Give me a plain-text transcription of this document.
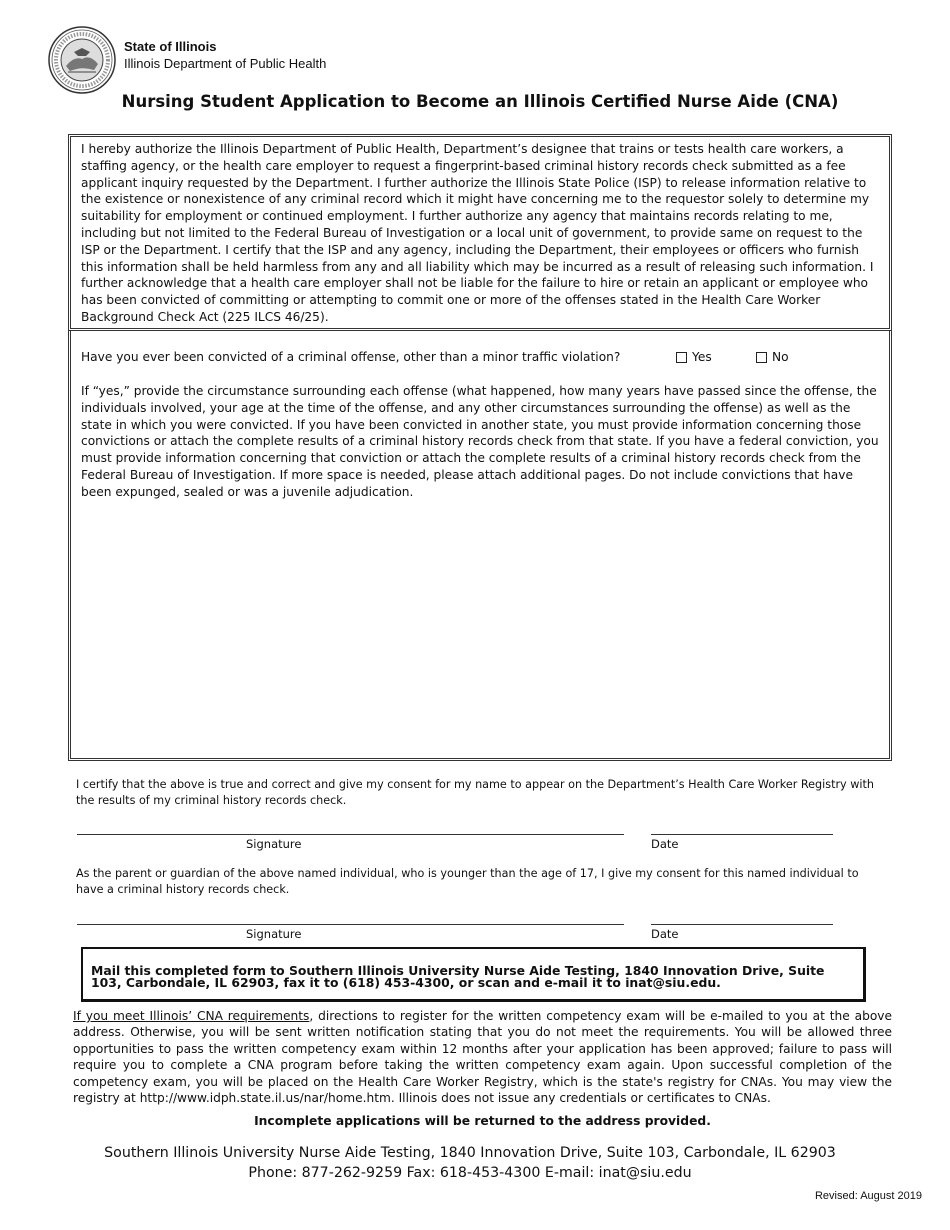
State of Illinois
Illinois Department of Public Health
Nursing Student Application to Become an Illinois Certified Nurse Aide (CNA)
I hereby authorize the Illinois Department of Public Health, Department’s designee that trains or tests health care workers, a staffing agency, or the health care employer to request a fingerprint-based criminal history records check submitted as a fee applicant inquiry requested by the Department. I further authorize the Illinois State Police (ISP) to release information relative to the existence or nonexistence of any criminal record which it might have concerning me to the requestor solely to determine my suitability for employment or continued employment. I further authorize any agency that maintains records relating to me, including but not limited to the Federal Bureau of Investigation or a local unit of government, to provide same on request to the ISP or the Department. I certify that the ISP and any agency, including the Department, their employees or officers who furnish this information shall be held harmless from any and all liability which may be incurred as a result of releasing such information. I further acknowledge that a health care employer shall not be liable for the failure to hire or retain an applicant or employee who has been convicted of committing or attempting to commit one or more of the offenses stated in the Health Care Worker Background Check Act (225 ILCS 46/25).
Have you ever been convicted of a criminal offense, other than a minor traffic violation?	Yes	No
If “yes,” provide the circumstance surrounding each offense (what happened, how many years have passed since the offense, the individuals involved, your age at the time of the offense, and any other circumstances surrounding the offense) as well as the state in which you were convicted. If you have been convicted in another state, you must provide information concerning those convictions or attach the complete results of a criminal history records check from that state. If you have a federal conviction, you must provide information concerning that conviction or attach the complete results of a criminal history records check from the Federal Bureau of Investigation. If more space is needed, please attach additional pages. Do not include convictions that have been expunged, sealed or was a juvenile adjudication.
I certify that the above is true and correct and give my consent for my name to appear on the Department’s Health Care Worker Registry with the results of my criminal history records check.
Signature	Date
As the parent or guardian of the above named individual, who is younger than the age of 17, I give my consent for this named individual to have a criminal history records check.
Signature	Date
Mail this completed form to Southern Illinois University Nurse Aide Testing, 1840 Innovation Drive, Suite 103, Carbondale, IL 62903, fax it to (618) 453-4300, or scan and e-mail it to inat@siu.edu.
If you meet Illinois’ CNA requirements, directions to register for the written competency exam will be e-mailed to you at the above address. Otherwise, you will be sent written notification stating that you do not meet the requirements. You will be allowed three opportunities to pass the written competency exam within 12 months after your application has been approved; failure to pass will require you to complete a CNA program before taking the written competency exam again. Upon successful completion of the competency exam, you will be placed on the Health Care Worker Registry, which is the state's registry for CNAs. You may view the registry at http://www.idph.state.il.us/nar/home.htm. Illinois does not issue any credentials or certificates to CNAs.
Incomplete applications will be returned to the address provided.
Southern Illinois University Nurse Aide Testing, 1840 Innovation Drive, Suite 103, Carbondale, IL 62903
Phone: 877-262-9259 Fax: 618-453-4300 E-mail: inat@siu.edu
Revised: August 2019
